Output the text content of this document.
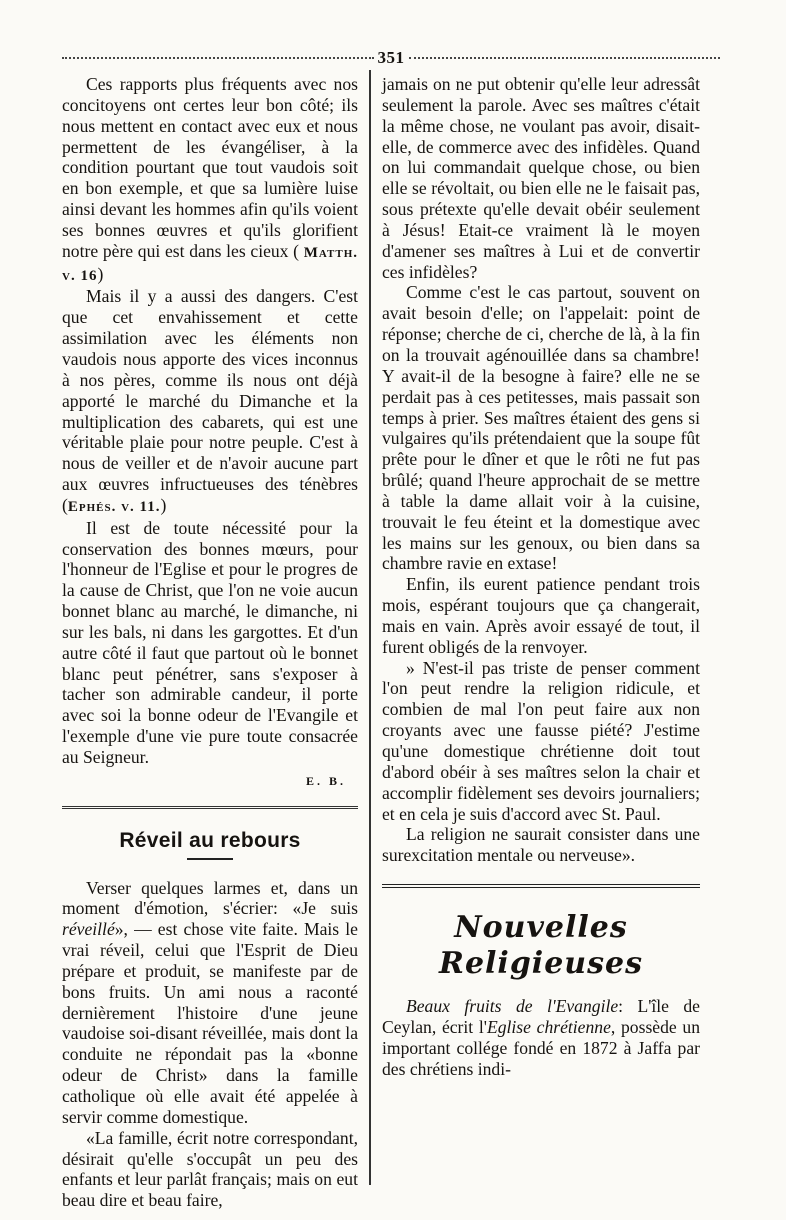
351

Ces rapports plus fréquents avec nos concitoyens ont certes leur bon côté; ils nous mettent en contact avec eux et nous permettent de les évangéliser, à la condition pourtant que tout vaudois soit en bon exemple, et que sa lumière luise ainsi devant les hommes afin qu'ils voient ses bonnes œuvres et qu'ils glorifient notre père qui est dans les cieux ( Matth. v. 16)

Mais il y a aussi des dangers. C'est que cet envahissement et cette assimilation avec les éléments non vaudois nous apporte des vices inconnus à nos pères, comme ils nous ont déjà apporté le marché du Dimanche et la multiplication des cabarets, qui est une véritable plaie pour notre peuple. C'est à nous de veiller et de n'avoir aucune part aux œuvres infructueuses des ténèbres (Ephés. v. 11.)

Il est de toute nécessité pour la conservation des bonnes mœurs, pour l'honneur de l'Eglise et pour le progres de la cause de Christ, que l'on ne voie aucun bonnet blanc au marché, le dimanche, ni sur les bals, ni dans les gargottes. Et d'un autre côté il faut que partout où le bonnet blanc peut pénétrer, sans s'exposer à tacher son admirable candeur, il porte avec soi la bonne odeur de l'Evangile et l'exemple d'une vie pure toute consacrée au Seigneur.

E. B.
Réveil au rebours

Verser quelques larmes et, dans un moment d'émotion, s'écrier: «Je suis réveillé», — est chose vite faite. Mais le vrai réveil, celui que l'Esprit de Dieu prépare et produit, se manifeste par de bons fruits. Un ami nous a raconté dernièrement l'histoire d'une jeune vaudoise soi-disant réveillée, mais dont la conduite ne répondait pas la «bonne odeur de Christ» dans la famille catholique où elle avait été appelée à servir comme domestique.

«La famille, écrit notre correspondant, désirait qu'elle s'occupât un peu des enfants et leur parlât français; mais on eut beau dire et beau faire,

jamais on ne put obtenir qu'elle leur adressât seulement la parole. Avec ses maîtres c'était la même chose, ne voulant pas avoir, disait-elle, de commerce avec des infidèles. Quand on lui commandait quelque chose, ou bien elle se révoltait, ou bien elle ne le faisait pas, sous prétexte qu'elle devait obéir seulement à Jésus! Etait-ce vraiment là le moyen d'amener ses maîtres à Lui et de convertir ces infidèles?

Comme c'est le cas partout, souvent on avait besoin d'elle; on l'appelait: point de réponse; cherche de ci, cherche de là, à la fin on la trouvait agénouillée dans sa chambre! Y avait-il de la besogne à faire? elle ne se perdait pas à ces petitesses, mais passait son temps à prier. Ses maîtres étaient des gens si vulgaires qu'ils prétendaient que la soupe fût prête pour le dîner et que le rôti ne fut pas brûlé; quand l'heure approchait de se mettre à table la dame allait voir à la cuisine, trouvait le feu éteint et la domestique avec les mains sur les genoux, ou bien dans sa chambre ravie en extase!

Enfin, ils eurent patience pendant trois mois, espérant toujours que ça changerait, mais en vain. Après avoir essayé de tout, il furent obligés de la renvoyer.

» N'est-il pas triste de penser comment l'on peut rendre la religion ridicule, et combien de mal l'on peut faire aux non croyants avec une fausse piété? J'estime qu'une domestique chrétienne doit tout d'abord obéir à ses maîtres selon la chair et accomplir fidèlement ses devoirs journaliers; et en cela je suis d'accord avec St. Paul.

La religion ne saurait consister dans une surexcitation mentale ou nerveuse».

Nouvelles Religieuses

Beaux fruits de l'Evangile: L'île de Ceylan, écrit l'Eglise chrétienne, possède un important collége fondé en 1872 à Jaffa par des chrétiens indi-
